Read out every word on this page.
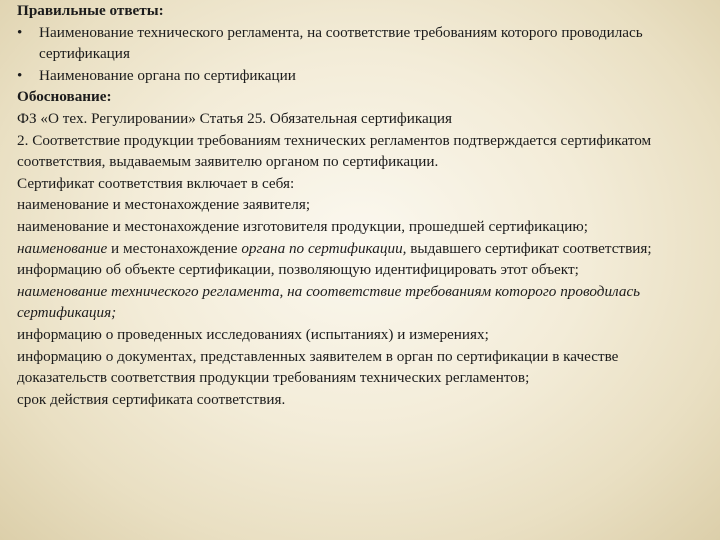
Правильные ответы:
• Наименование технического регламента, на соответствие требованиям которого проводилась сертификация
• Наименование органа по сертификации
Обоснование:
ФЗ «О тех. Регулировании» Статья 25. Обязательная сертификация
2. Соответствие продукции требованиям технических регламентов подтверждается сертификатом соответствия, выдаваемым заявителю органом по сертификации.
Сертификат соответствия включает в себя:
наименование и местонахождение заявителя;
наименование и местонахождение изготовителя продукции, прошедшей сертификацию;
наименование и местонахождение органа по сертификации, выдавшего сертификат соответствия;
информацию об объекте сертификации, позволяющую идентифицировать этот объект;
наименование технического регламента, на соответствие требованиям которого проводилась сертификация;
информацию о проведенных исследованиях (испытаниях) и измерениях;
информацию о документах, представленных заявителем в орган по сертификации в качестве доказательств соответствия продукции требованиям технических регламентов;
срок действия сертификата соответствия.
